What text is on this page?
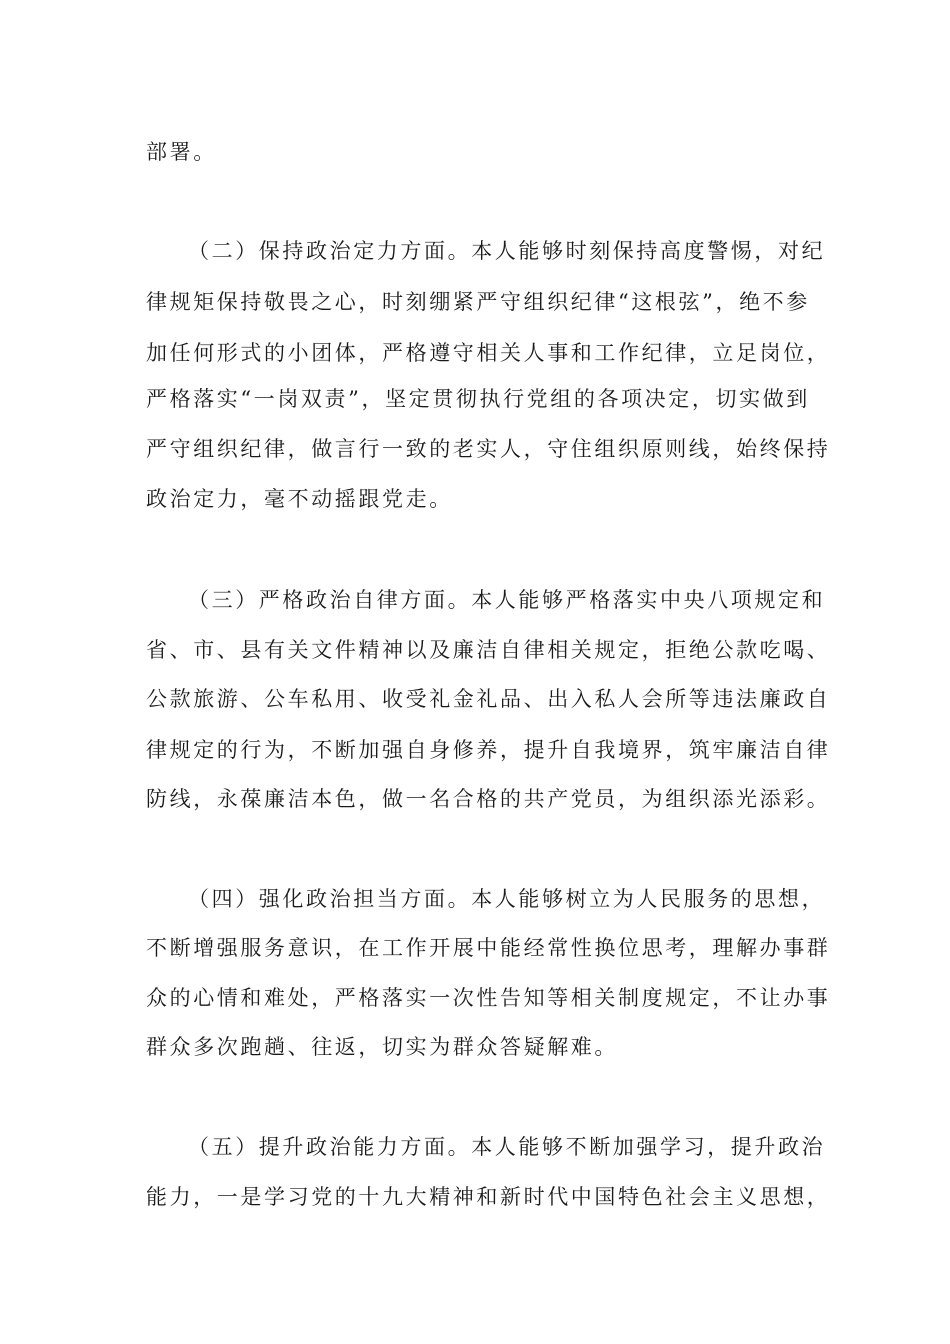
部署。
（二）保持政治定力方面。本人能够时刻保持高度警惕，对纪
律规矩保持敬畏之心，时刻绷紧严守组织纪律“这根弦”，绝不参
加任何形式的小团体，严格遵守相关人事和工作纪律，立足岗位，
严格落实“一岗双责”，坚定贯彻执行党组的各项决定，切实做到
严守组织纪律，做言行一致的老实人，守住组织原则线，始终保持
政治定力，毫不动摇跟党走。
（三）严格政治自律方面。本人能够严格落实中央八项规定和
省、市、县有关文件精神以及廉洁自律相关规定，拒绝公款吃喝、
公款旅游、公车私用、收受礼金礼品、出入私人会所等违法廉政自
律规定的行为，不断加强自身修养，提升自我境界，筑牢廉洁自律
防线，永葆廉洁本色，做一名合格的共产党员，为组织添光添彩。
（四）强化政治担当方面。本人能够树立为人民服务的思想，
不断增强服务意识，在工作开展中能经常性换位思考，理解办事群
众的心情和难处，严格落实一次性告知等相关制度规定，不让办事
群众多次跑趟、往返，切实为群众答疑解难。
（五）提升政治能力方面。本人能够不断加强学习，提升政治
能力，一是学习党的十九大精神和新时代中国特色社会主义思想，
